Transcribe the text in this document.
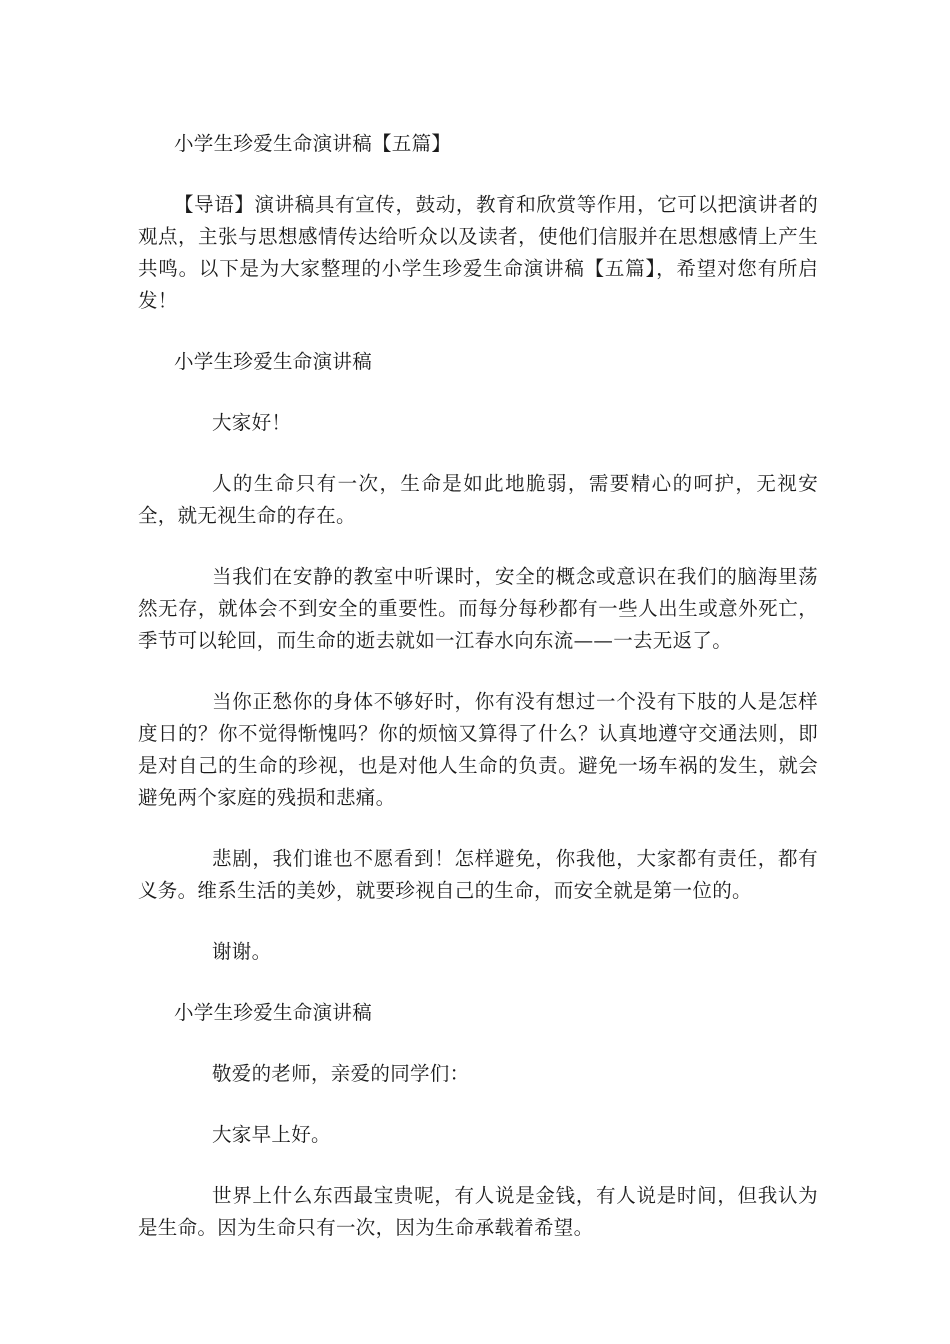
小学生珍爱生命演讲稿【五篇】

【导语】演讲稿具有宣传，鼓动，教育和欣赏等作用，它可以把演讲者的观点，主张与思想感情传达给听众以及读者，使他们信服并在思想感情上产生共鸣。以下是为大家整理的小学生珍爱生命演讲稿【五篇】，希望对您有所启发！

小学生珍爱生命演讲稿

大家好！

人的生命只有一次，生命是如此地脆弱，需要精心的呵护，无视安全，就无视生命的存在。

当我们在安静的教室中听课时，安全的概念或意识在我们的脑海里荡然无存，就体会不到安全的重要性。而每分每秒都有一些人出生或意外死亡，季节可以轮回，而生命的逝去就如一江春水向东流——一去无返了。

当你正愁你的身体不够好时，你有没有想过一个没有下肢的人是怎样度日的？你不觉得惭愧吗？你的烦恼又算得了什么？认真地遵守交通法则，即是对自己的生命的珍视，也是对他人生命的负责。避免一场车祸的发生，就会避免两个家庭的残损和悲痛。

悲剧，我们谁也不愿看到！怎样避免，你我他，大家都有责任，都有义务。维系生活的美妙，就要珍视自己的生命，而安全就是第一位的。

谢谢。

小学生珍爱生命演讲稿

敬爱的老师，亲爱的同学们：

大家早上好。

世界上什么东西最宝贵呢，有人说是金钱，有人说是时间，但我认为是生命。因为生命只有一次，因为生命承载着希望。
